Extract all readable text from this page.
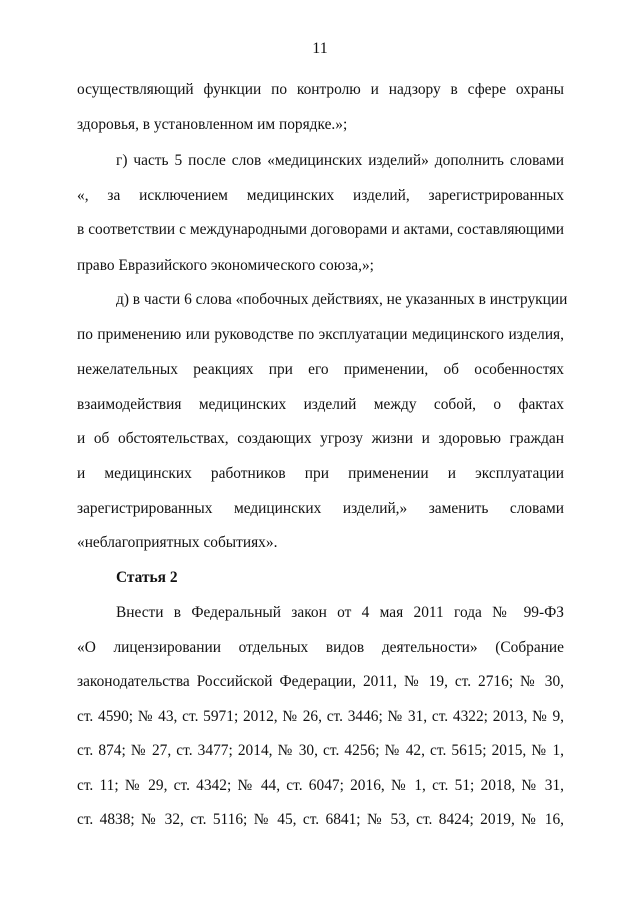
11
осуществляющий функции по контролю и надзору в сфере охраны
здоровья, в установленном им порядке.»;
г) часть 5 после слов «медицинских изделий» дополнить словами
«, за исключением медицинских изделий, зарегистрированных
в соответствии с международными договорами и актами, составляющими
право Евразийского экономического союза,»;
д) в части 6 слова «побочных действиях, не указанных в инструкции
по применению или руководстве по эксплуатации медицинского изделия,
нежелательных реакциях при его применении, об особенностях
взаимодействия медицинских изделий между собой, о фактах
и об обстоятельствах, создающих угрозу жизни и здоровью граждан
и медицинских работников при применении и эксплуатации
зарегистрированных медицинских изделий,» заменить словами
«неблагоприятных событиях».
Статья 2
Внести в Федеральный закон от 4 мая 2011 года № 99-ФЗ
«О лицензировании отдельных видов деятельности» (Собрание
законодательства Российской Федерации, 2011, № 19, ст. 2716; № 30,
ст. 4590; № 43, ст. 5971; 2012, № 26, ст. 3446; № 31, ст. 4322; 2013, № 9,
ст. 874; № 27, ст. 3477; 2014, № 30, ст. 4256; № 42, ст. 5615; 2015, № 1,
ст. 11; № 29, ст. 4342; № 44, ст. 6047; 2016, № 1, ст. 51; 2018, № 31,
ст. 4838; № 32, ст. 5116; № 45, ст. 6841; № 53, ст. 8424; 2019, № 16,
